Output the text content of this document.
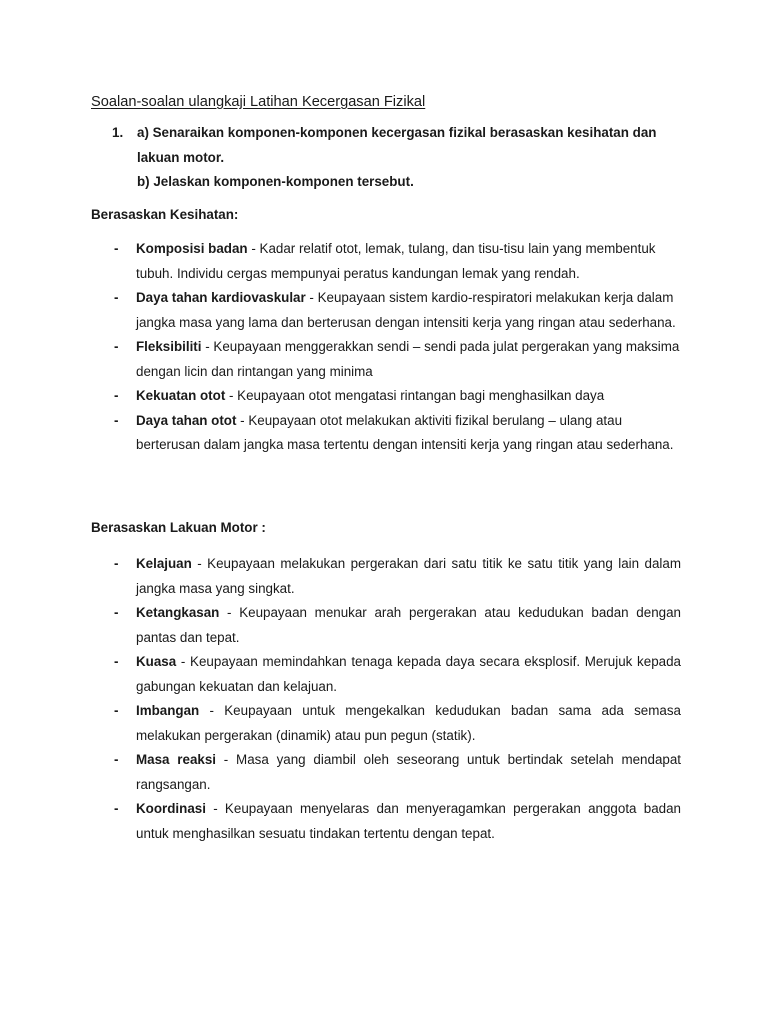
Soalan-soalan ulangkaji Latihan Kecergasan Fizikal
1. a) Senaraikan komponen-komponen kecergasan fizikal berasaskan kesihatan dan
lakuan motor.
b) Jelaskan komponen-komponen tersebut.
Berasaskan Kesihatan:
- Komposisi badan - Kadar relatif otot, lemak, tulang, dan tisu-tisu lain yang membentuk tubuh. Individu cergas mempunyai peratus kandungan lemak yang rendah.
- Daya tahan kardiovaskular - Keupayaan sistem kardio-respiratori melakukan kerja dalam jangka masa yang lama dan berterusan dengan intensiti kerja yang ringan atau sederhana.
- Fleksibiliti - Keupayaan menggerakkan sendi – sendi pada julat pergerakan yang maksima dengan licin dan rintangan yang minima
- Kekuatan otot - Keupayaan otot mengatasi rintangan bagi menghasilkan daya
- Daya tahan otot - Keupayaan otot melakukan aktiviti fizikal berulang – ulang atau berterusan dalam jangka masa tertentu dengan intensiti kerja yang ringan atau sederhana.
Berasaskan Lakuan Motor :
- Kelajuan - Keupayaan melakukan pergerakan dari satu titik ke satu titik yang lain dalam jangka masa yang singkat.
- Ketangkasan - Keupayaan menukar arah pergerakan atau kedudukan badan dengan pantas dan tepat.
- Kuasa - Keupayaan memindahkan tenaga kepada daya secara eksplosif. Merujuk kepada gabungan kekuatan dan kelajuan.
- Imbangan - Keupayaan untuk mengekalkan kedudukan badan sama ada semasa melakukan pergerakan (dinamik) atau pun pegun (statik).
- Masa reaksi - Masa yang diambil oleh seseorang untuk bertindak setelah mendapat rangsangan.
- Koordinasi - Keupayaan menyelaras dan menyeragamkan pergerakan anggota badan untuk menghasilkan sesuatu tindakan tertentu dengan tepat.
